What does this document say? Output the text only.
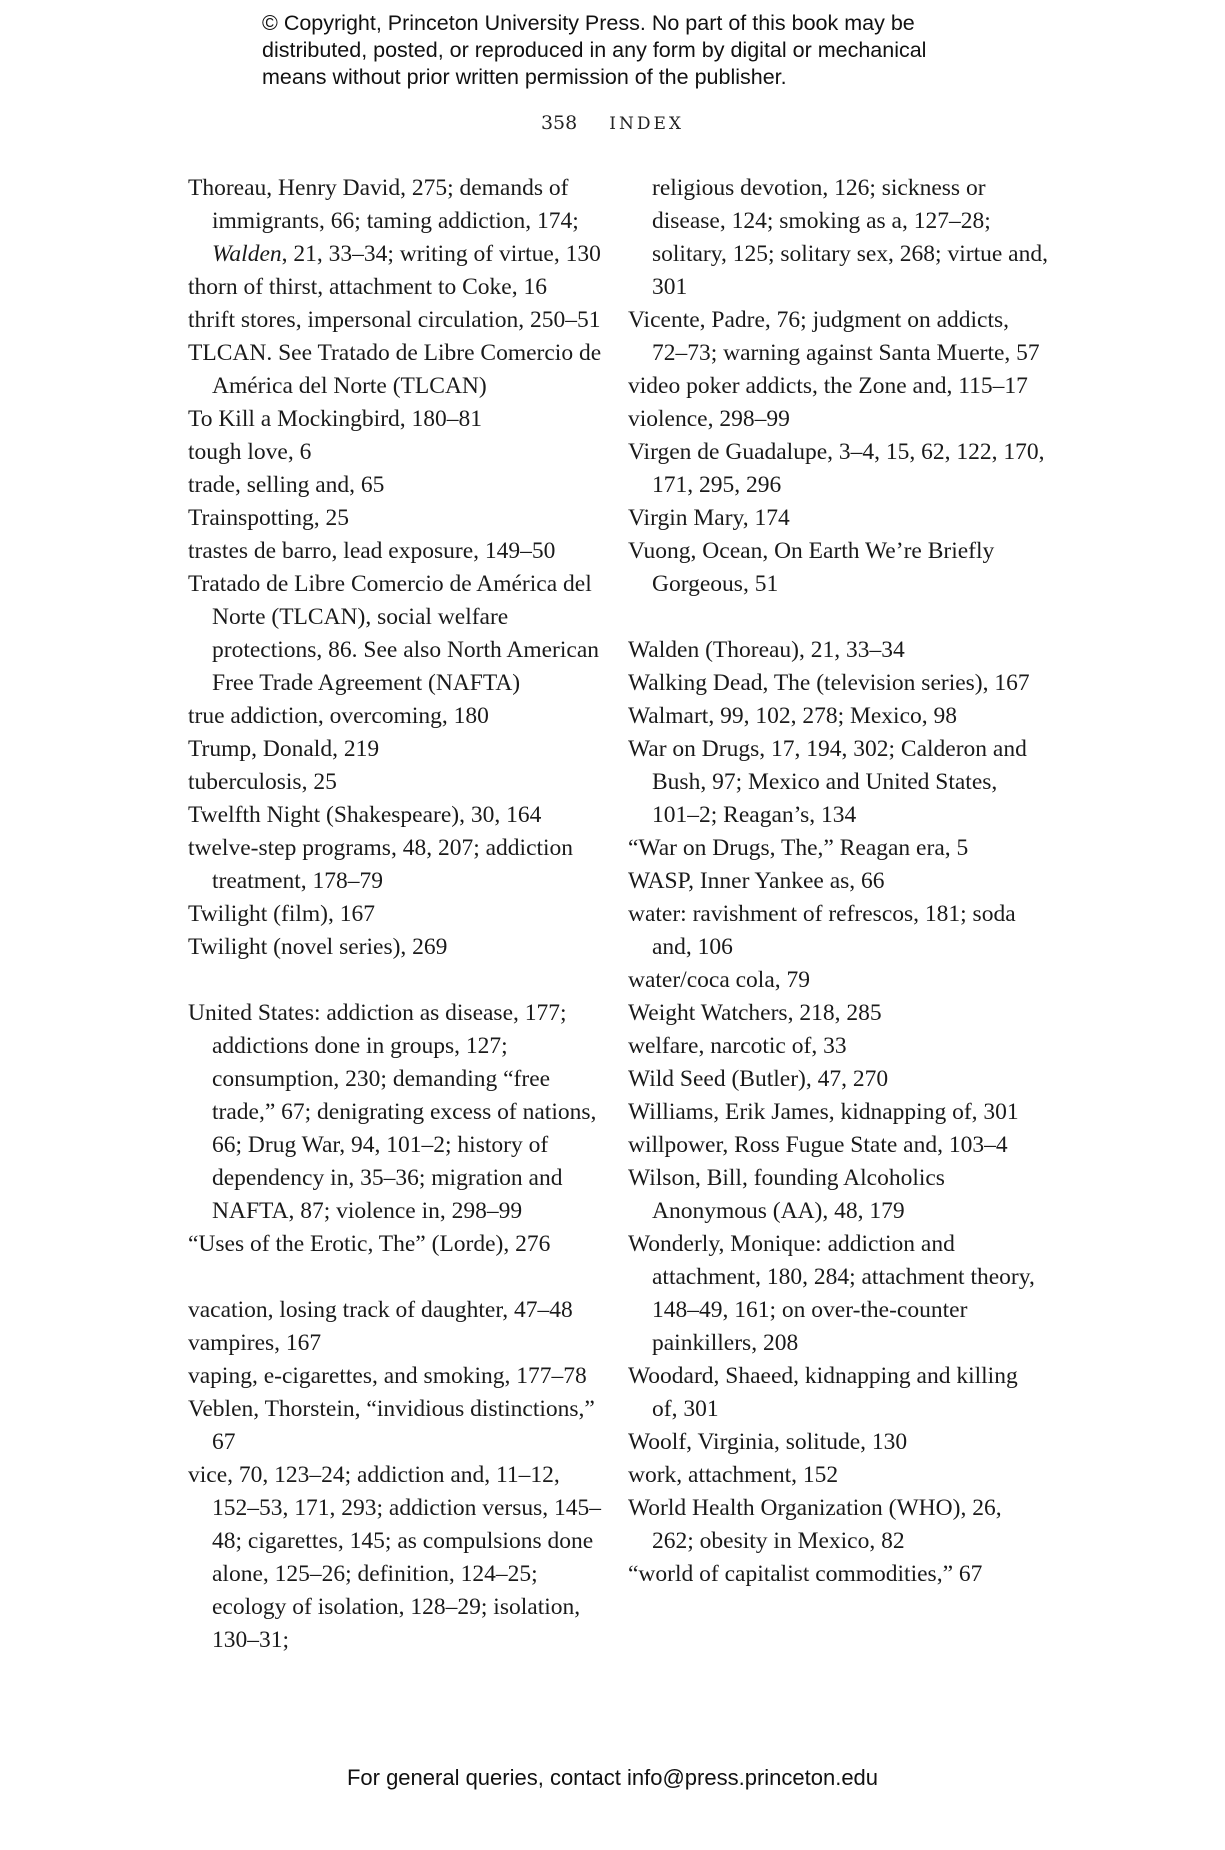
© Copyright, Princeton University Press. No part of this book may be
distributed, posted, or reproduced in any form by digital or mechanical
means without prior written permission of the publisher.
358 INDEX
Thoreau, Henry David, 275; demands of immigrants, 66; taming addiction, 174; Walden, 21, 33–34; writing of virtue, 130
thorn of thirst, attachment to Coke, 16
thrift stores, impersonal circulation, 250–51
TLCAN. See Tratado de Libre Comercio de América del Norte (TLCAN)
To Kill a Mockingbird, 180–81
tough love, 6
trade, selling and, 65
Trainspotting, 25
trastes de barro, lead exposure, 149–50
Tratado de Libre Comercio de América del Norte (TLCAN), social welfare protections, 86. See also North American Free Trade Agreement (NAFTA)
true addiction, overcoming, 180
Trump, Donald, 219
tuberculosis, 25
Twelfth Night (Shakespeare), 30, 164
twelve-step programs, 48, 207; addiction treatment, 178–79
Twilight (film), 167
Twilight (novel series), 269
United States: addiction as disease, 177; addictions done in groups, 127; consumption, 230; demanding “free trade,” 67; denigrating excess of nations, 66; Drug War, 94, 101–2; history of dependency in, 35–36; migration and NAFTA, 87; violence in, 298–99
“Uses of the Erotic, The” (Lorde), 276
vacation, losing track of daughter, 47–48
vampires, 167
vaping, e-cigarettes, and smoking, 177–78
Veblen, Thorstein, “invidious distinctions,” 67
vice, 70, 123–24; addiction and, 11–12, 152–53, 171, 293; addiction versus, 145–48; cigarettes, 145; as compulsions done alone, 125–26; definition, 124–25; ecology of isolation, 128–29; isolation, 130–31;
religious devotion, 126; sickness or disease, 124; smoking as a, 127–28; solitary, 125; solitary sex, 268; virtue and, 301
Vicente, Padre, 76; judgment on addicts, 72–73; warning against Santa Muerte, 57
video poker addicts, the Zone and, 115–17
violence, 298–99
Virgen de Guadalupe, 3–4, 15, 62, 122, 170, 171, 295, 296
Virgin Mary, 174
Vuong, Ocean, On Earth We’re Briefly Gorgeous, 51
Walden (Thoreau), 21, 33–34
Walking Dead, The (television series), 167
Walmart, 99, 102, 278; Mexico, 98
War on Drugs, 17, 194, 302; Calderon and Bush, 97; Mexico and United States, 101–2; Reagan’s, 134
“War on Drugs, The,” Reagan era, 5
WASP, Inner Yankee as, 66
water: ravishment of refrescos, 181; soda and, 106
water/coca cola, 79
Weight Watchers, 218, 285
welfare, narcotic of, 33
Wild Seed (Butler), 47, 270
Williams, Erik James, kidnapping of, 301
willpower, Ross Fugue State and, 103–4
Wilson, Bill, founding Alcoholics Anonymous (AA), 48, 179
Wonderly, Monique: addiction and attachment, 180, 284; attachment theory, 148–49, 161; on over-the-counter painkillers, 208
Woodard, Shaeed, kidnapping and killing of, 301
Woolf, Virginia, solitude, 130
work, attachment, 152
World Health Organization (WHO), 26, 262; obesity in Mexico, 82
“world of capitalist commodities,” 67
For general queries, contact info@press.princeton.edu
